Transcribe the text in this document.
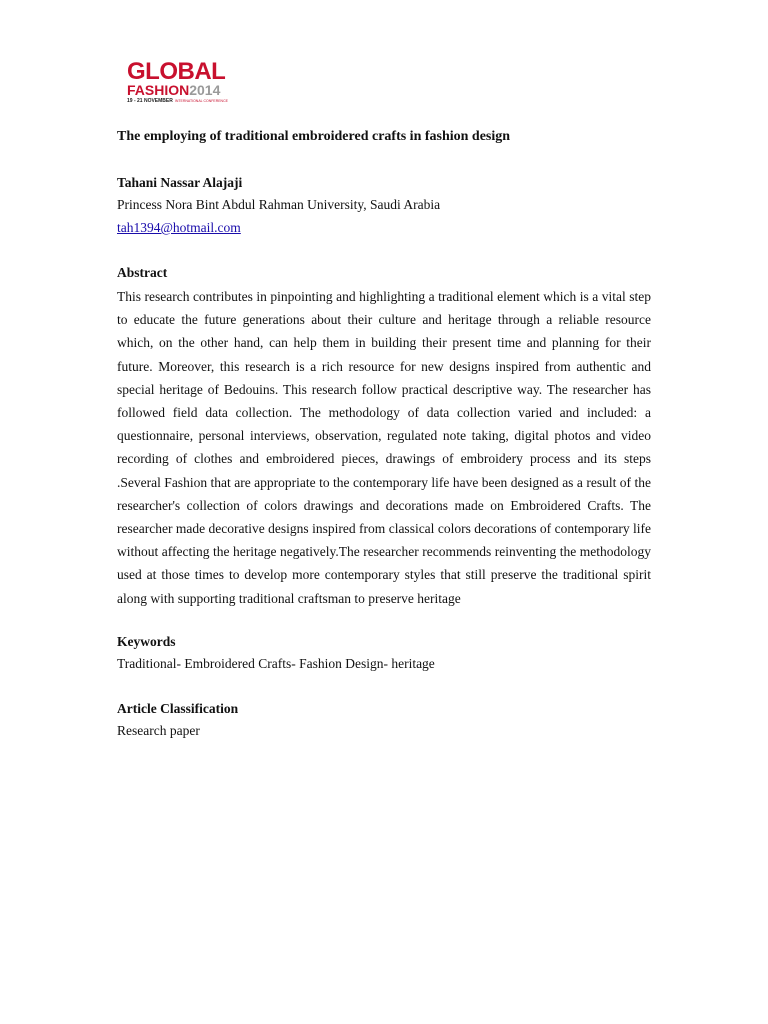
GLOBAL
FASHION2014
19 - 21 NOVEMBER INTERNATIONAL CONFERENCE
The employing of traditional embroidered crafts in fashion design
Tahani Nassar Alajaji
Princess Nora Bint Abdul Rahman University, Saudi Arabia
tah1394@hotmail.com
Abstract

This research contributes in pinpointing and highlighting a traditional element which is a vital step to educate the future generations about their culture and heritage through a reliable resource which, on the other hand, can help them in building their present time and planning for their future. Moreover, this research is a rich resource for new designs inspired from authentic and special heritage of Bedouins. This research follow practical descriptive way. The researcher has followed field data collection. The methodology of data collection varied and included: a questionnaire, personal interviews, observation, regulated note taking, digital photos and video recording of clothes and embroidered pieces, drawings of embroidery process and its steps .Several Fashion that are appropriate to the contemporary life have been designed as a result of the researcher's collection of colors drawings and decorations made on Embroidered Crafts. The researcher made decorative designs inspired from classical colors decorations of contemporary life without affecting the heritage negatively.The researcher recommends reinventing the methodology used at those times to develop more contemporary styles that still preserve the traditional spirit along with supporting traditional craftsman to preserve heritage

Keywords
Traditional- Embroidered Crafts- Fashion Design- heritage
Article Classification
Research paper
